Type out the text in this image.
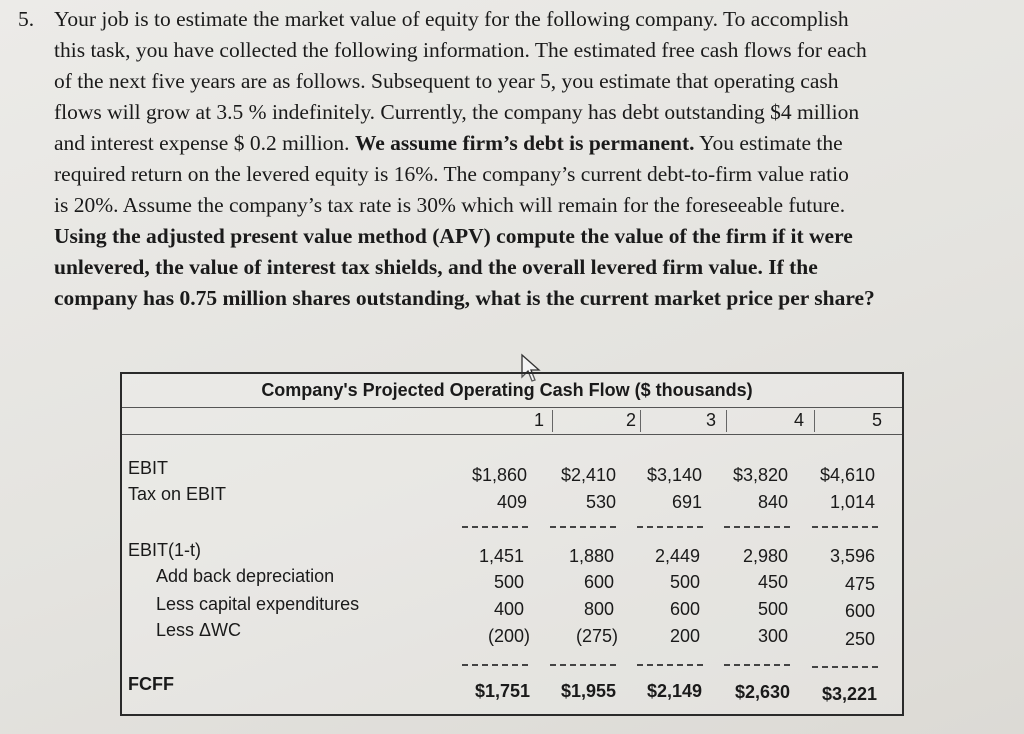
5. Your job is to estimate the market value of equity for the following company. To accomplish
this task, you have collected the following information. The estimated free cash flows for each
of the next five years are as follows. Subsequent to year 5, you estimate that operating cash
flows will grow at 3.5 % indefinitely. Currently, the company has debt outstanding $4 million
and interest expense $ 0.2 million. We assume firm’s debt is permanent. You estimate the
required return on the levered equity is 16%. The company’s current debt-to-firm value ratio
is 20%. Assume the company’s tax rate is 30% which will remain for the foreseeable future.
Using the adjusted present value method (APV) compute the value of the firm if it were
unlevered, the value of interest tax shields, and the overall levered firm value. If the
company has 0.75 million shares outstanding, what is the current market price per share?
Company's Projected Operating Cash Flow ($ thousands)
1	2	3	4	5
EBIT	$1,860	$2,410	$3,140	$3,820	$4,610
Tax on EBIT	409	530	691	840	1,014
EBIT(1-t)	1,451	1,880	2,449	2,980	3,596
Add back depreciation	500	600	500	450	475
Less capital expenditures	400	800	600	500	600
Less ΔWC	(200)	(275)	200	300	250
FCFF	$1,751	$1,955	$2,149	$2,630	$3,221
